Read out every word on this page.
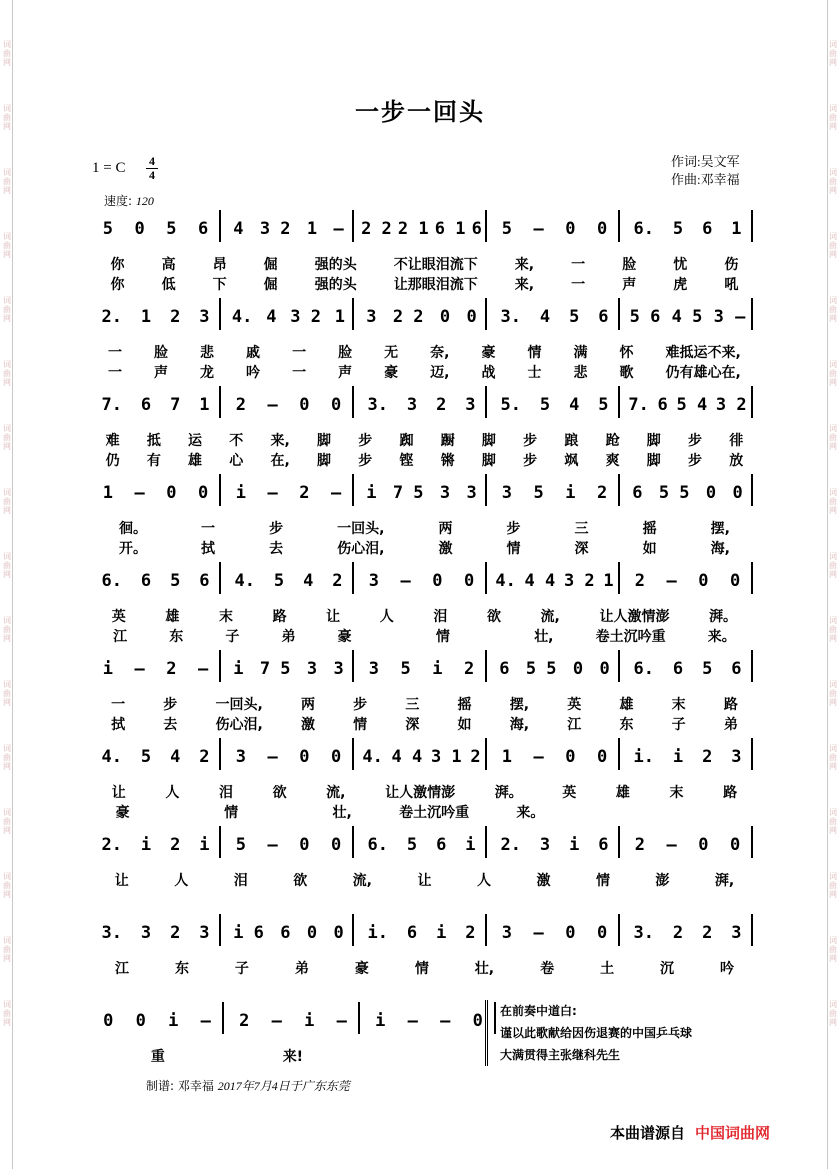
词
曲
网
词
曲
网
词
曲
网
词
曲
网
词
曲
网
词
曲
网
词
曲
网
词
曲
网
词
曲
网
词
曲
网
词
曲
网
词
曲
网
词
曲
网
词
曲
网
词
曲
网
词
曲
网
词
曲
网
词
曲
网
词
曲
网
词
曲
网
词
曲
网
词
曲
网
词
曲
网
词
曲
网
词
曲
网
词
曲
网
词
曲
网
词
曲
网
词
曲
网
词
曲
网
词
曲
网
词
曲
网
一步一回头
1 = C 4
4
速度: 120
作词:吴文军
作曲:邓幸福
5 0 5 6 4 3 2 1 – 2 2 2 1 6 1 6 5 – 0 0 6. 5 6 1
你	高	昂	倔	强的头	不让眼泪流下	来,	一	脸	忧	伤
你	低	下	倔	强的头	让那眼泪流下	来,	一	声	虎	吼
2. 1 2 3 4. 4 3 2 1 3 2 2 0 0 3. 4 5 6 5 6 4 5 3 –
一 脸 悲 戚 一 脸 无 奈, 豪 情 满 怀 难抵运不来,
一 声 龙 吟 一 声 豪 迈, 战 士 悲 歌 仍有雄心在,
7. 6 7 1 2 – 0 0 3. 3 2 3 5. 5 4 5 7. 6 5 4 3 2
难 抵 运 不 来, 脚 步 踟 蹰 脚 步 踉 跄 脚 步 徘
仍 有 雄 心 在, 脚 步 铿 锵 脚 步 飒 爽 脚 步 放
1 – 0 0 i – 2 – i 7 5 3 3 3 5 i 2 6 5 5 0 0
徊。	一	步	一回头,	两	步	三	摇	摆,
开。	拭	去	伤心泪,	激	情	深	如	海,
6. 6 5 6 4. 5 4 2 3 – 0 0 4. 4 4 3 2 1 2 – 0 0
英	雄	末	路	让	人	泪	欲	流,	让人激情澎	湃。
江	东	子	弟	豪	情	壮,	卷土沉吟重	来。
i – 2 – i 7 5 3 3 3 5 i 2 6 5 5 0 0 6. 6 5 6
一	步	一回头,	两	步	三	摇	摆,	英	雄	末	路
拭	去	伤心泪,	激	情	深	如	海,	江	东	子	弟
4. 5 4 2 3 – 0 0 4. 4 4 3 1 2 1 – 0 0 i. i 2 3
让	人	泪	欲	流,	让人激情澎	湃。	英	雄	末	路
豪	情	壮,	卷土沉吟重	来。
2. i 2 i 5 – 0 0 6. 5 6 i 2. 3 i 6 2 – 0 0
让	人	泪	欲	流,	让	人	激	情	澎	湃,
3. 3 2 3 i 6 6 0 0 i. 6 i 2 3 – 0 0 3. 2 2 3
江	东	子	弟	豪	情	壮,	卷	土	沉	吟
0 0 i – 2 – i – i – – 0
重	来!
在前奏中道白:
谨以此歌献给因伤退赛的中国乒乓球
大满贯得主张继科先生
制谱: 邓幸福 2017年7月4日于广东东莞
本曲谱源自 中国词曲网
